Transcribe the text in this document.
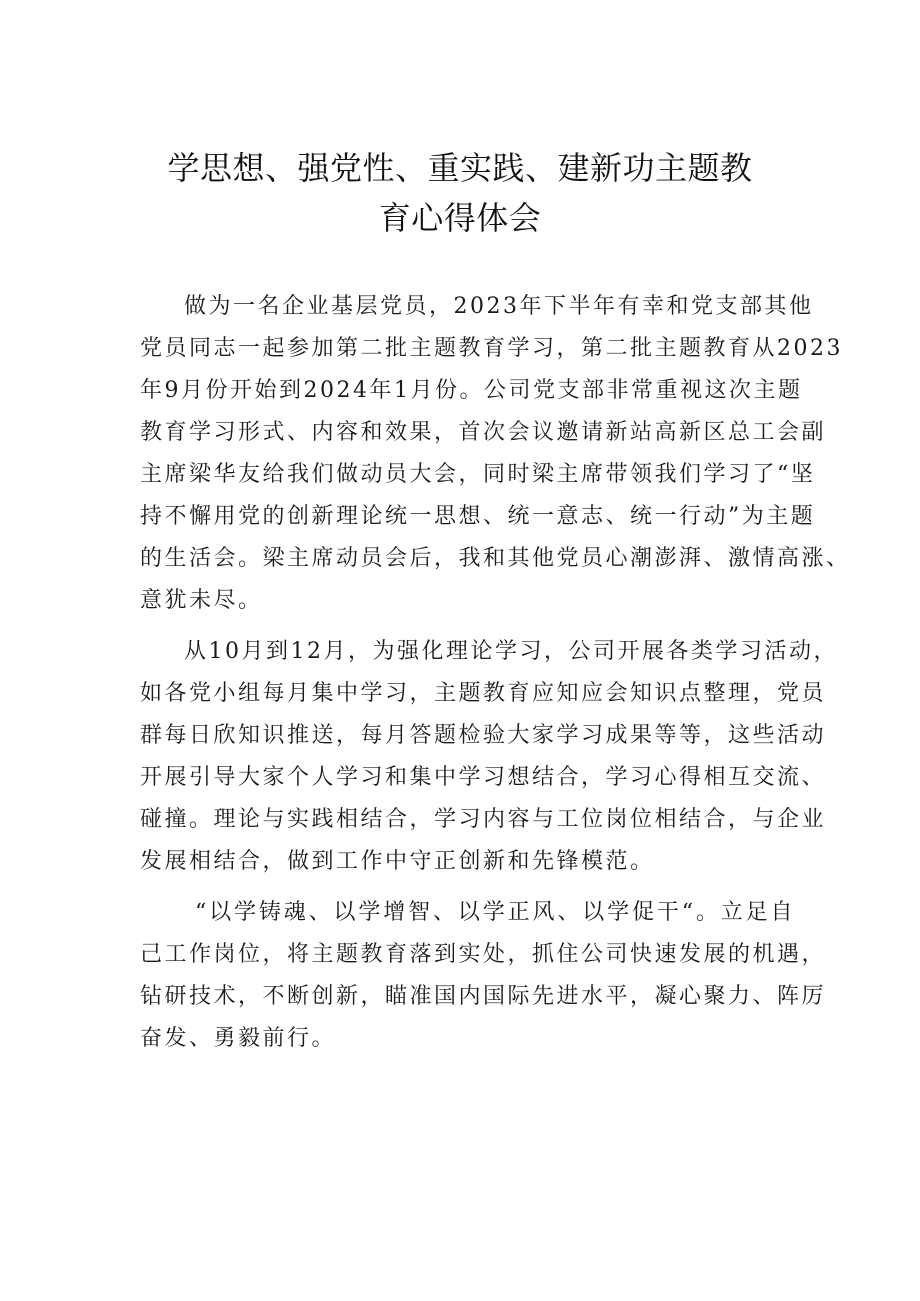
学思想、强党性、重实践、建新功主题教
育心得体会
做为一名企业基层党员，2023年下半年有幸和党支部其他
党员同志一起参加第二批主题教育学习，第二批主题教育从2023
年9月份开始到2024年1月份。公司党支部非常重视这次主题
教育学习形式、内容和效果，首次会议邀请新站高新区总工会副
主席梁华友给我们做动员大会，同时梁主席带领我们学习了“坚
持不懈用党的创新理论统一思想、统一意志、统一行动”为主题
的生活会。梁主席动员会后，我和其他党员心潮澎湃、激情高涨、
意犹未尽。
从10月到12月，为强化理论学习，公司开展各类学习活动，
如各党小组每月集中学习，主题教育应知应会知识点整理，党员
群每日欣知识推送，每月答题检验大家学习成果等等，这些活动
开展引导大家个人学习和集中学习想结合，学习心得相互交流、
碰撞。理论与实践相结合，学习内容与工位岗位相结合，与企业
发展相结合，做到工作中守正创新和先锋模范。
“以学铸魂、以学增智、以学正风、以学促干“。立足自
己工作岗位，将主题教育落到实处，抓住公司快速发展的机遇，
钻研技术，不断创新，瞄准国内国际先进水平，凝心聚力、阵厉
奋发、勇毅前行。
